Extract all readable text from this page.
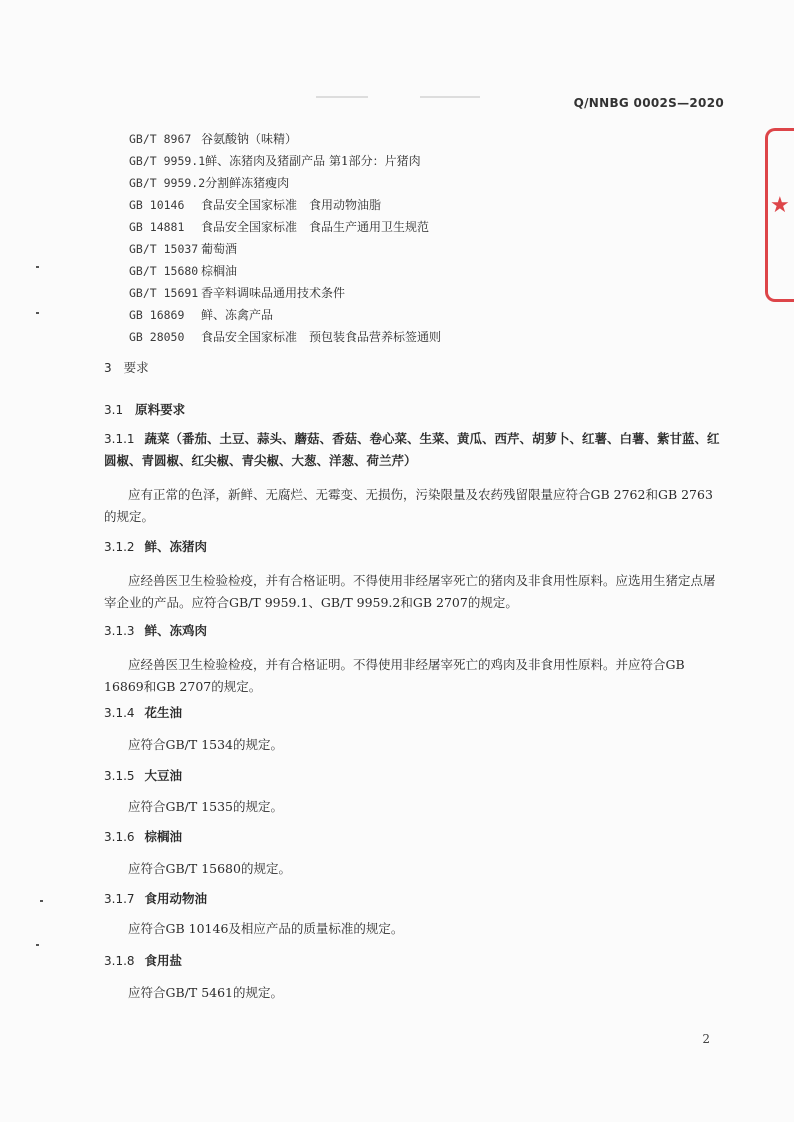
Q/NNBG 0002S—2020
★
GB/T 8967 谷氨酸钠（味精）
GB/T 9959.1鲜、冻猪肉及猪副产品 第1部分：片猪肉
GB/T 9959.2分割鲜冻猪瘦肉
GB 10146 食品安全国家标准　食用动物油脂
GB 14881 食品安全国家标准　食品生产通用卫生规范
GB/T 15037 葡萄酒
GB/T 15680 棕榈油
GB/T 15691 香辛料调味品通用技术条件
GB 16869 鲜、冻禽产品
GB 28050 食品安全国家标准　预包装食品营养标签通则
3 要求
3.1 原料要求
3.1.1 蔬菜（番茄、土豆、蒜头、蘑菇、香菇、卷心菜、生菜、黄瓜、西芹、胡萝卜、红薯、白薯、紫甘蓝、红圆椒、青圆椒、红尖椒、青尖椒、大葱、洋葱、荷兰芹）
应有正常的色泽，新鲜、无腐烂、无霉变、无损伤，污染限量及农药残留限量应符合GB 2762和GB 2763的规定。
3.1.2 鲜、冻猪肉
应经兽医卫生检验检疫，并有合格证明。不得使用非经屠宰死亡的猪肉及非食用性原料。应选用生猪定点屠宰企业的产品。应符合GB/T 9959.1、GB/T 9959.2和GB 2707的规定。
3.1.3 鲜、冻鸡肉
应经兽医卫生检验检疫，并有合格证明。不得使用非经屠宰死亡的鸡肉及非食用性原料。并应符合GB 16869和GB 2707的规定。
3.1.4 花生油
应符合GB/T 1534的规定。
3.1.5 大豆油
应符合GB/T 1535的规定。
3.1.6 棕榈油
应符合GB/T 15680的规定。
3.1.7 食用动物油
应符合GB 10146及相应产品的质量标准的规定。
3.1.8 食用盐
应符合GB/T 5461的规定。
2
